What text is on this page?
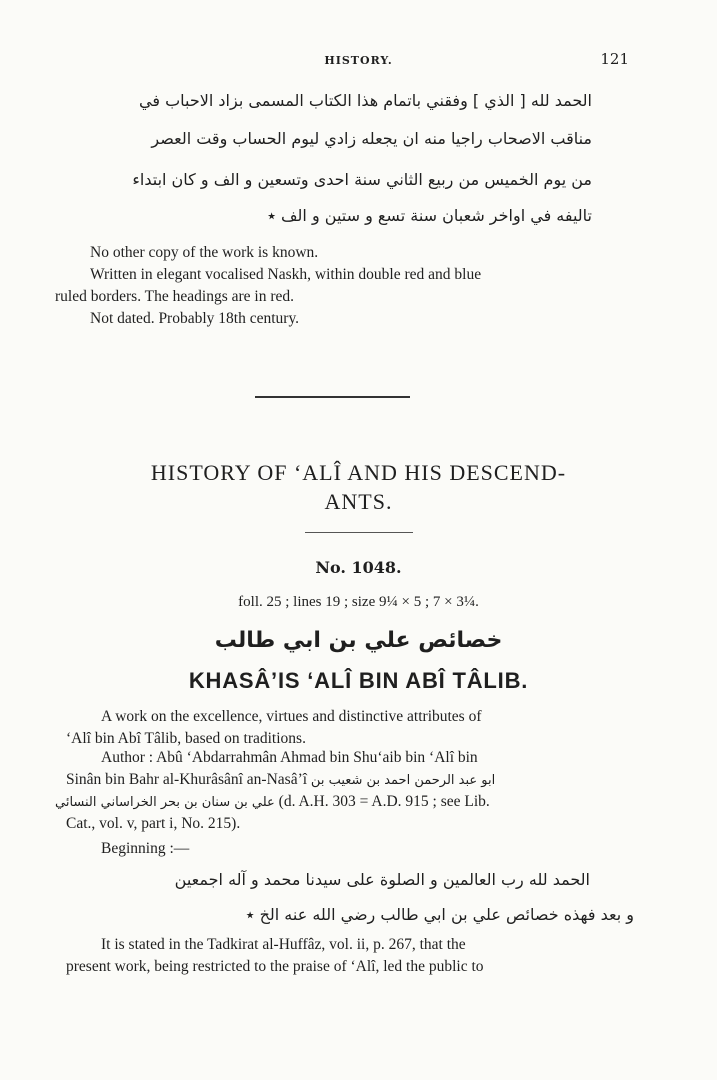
HISTORY.	121
الحمد لله [ الذي ] وفقني باتمام هذا الكتاب المسمى بزاد الاحباب في
مناقب الاصحاب راجيا منه ان يجعله زادي ليوم الحساب وقت العصر
من يوم الخميس من ربيع الثاني سنة احدى وتسعين و الف و كان ابتداء
تاليفه في اواخر شعبان سنة تسع و ستين و الف ٭
No other copy of the work is known.
Written in elegant vocalised Naskh, within double red and blue
ruled borders. The headings are in red.
Not dated. Probably 18th century.
HISTORY OF ‘ALÎ AND HIS DESCEND-
ANTS.
No. 1048.
foll. 25 ; lines 19 ; size 9¼ × 5 ; 7 × 3¼.
خصائص علي بن ابي طالب
KHASÂ’IS ‘ALÎ BIN ABÎ TÂLIB.
A work on the excellence, virtues and distinctive attributes of
‘Alî bin Abî Tâlib, based on traditions.
Author : Abû ‘Abdarrahmân Ahmad bin Shu‘aib bin ‘Alî bin
Sinân bin Bahr al-Khurâsânî an-Nasâ’î ابو عبد الرحمن احمد بن شعيب بن
علي بن سنان بن بحر الخراساني النسائي (d. A.H. 303 = A.D. 915 ; see Lib.
Cat., vol. v, part i, No. 215).
Beginning :—
الحمد لله رب العالمين و الصلوة على سيدنا محمد و آله اجمعين
و بعد فهذه خصائص علي بن ابي طالب رضي الله عنه الخ ٭
It is stated in the Tadkirat al-Huffâz, vol. ii, p. 267, that the
present work, being restricted to the praise of ‘Alî, led the public to
